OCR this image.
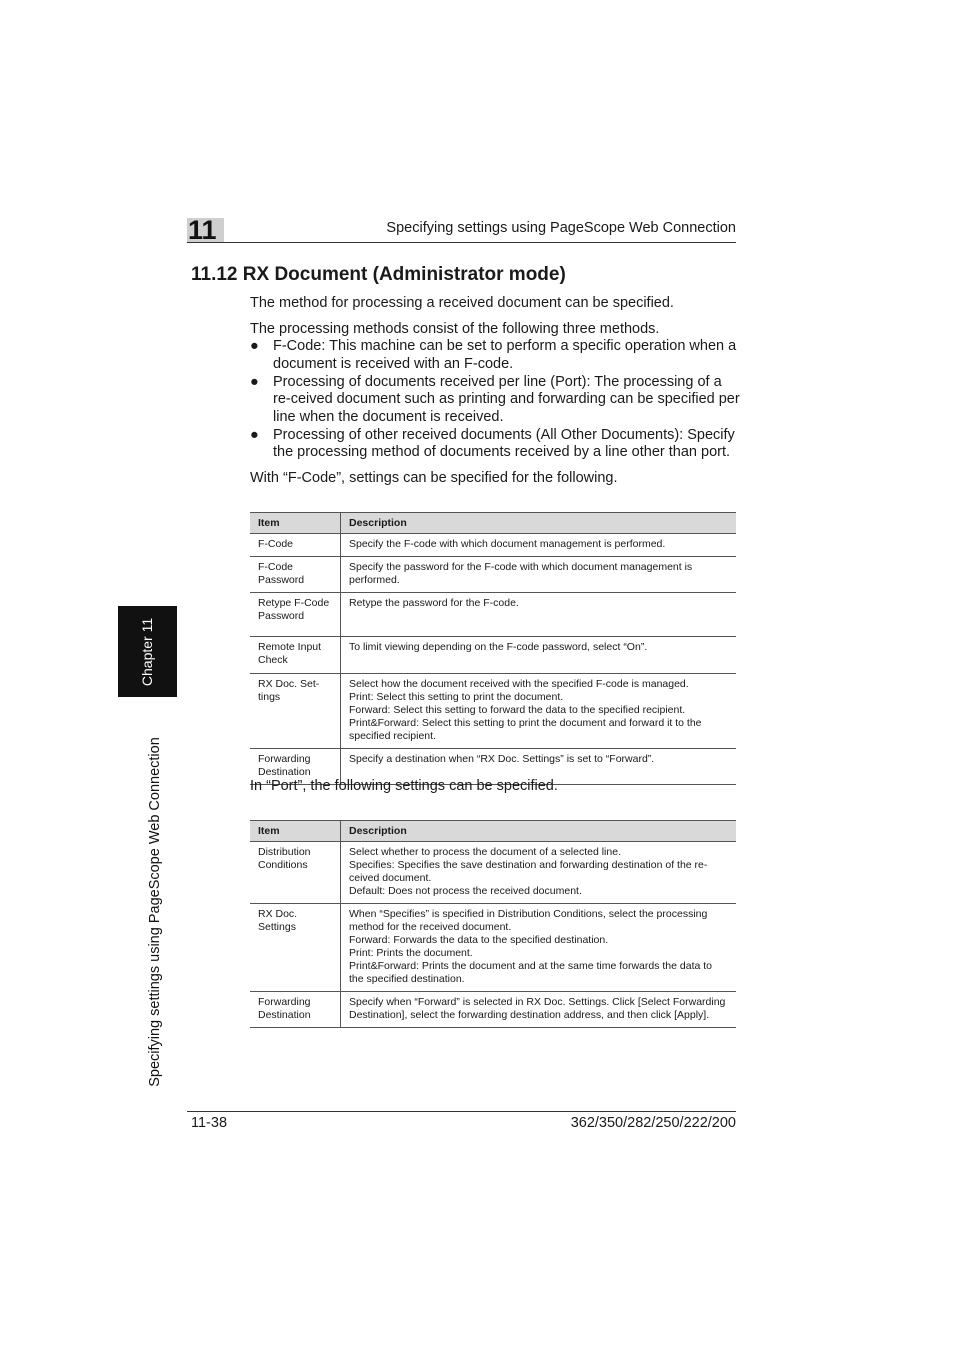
11	Specifying settings using PageScope Web Connection
Chapter 11
Specifying settings using PageScope Web Connection
11.12 RX Document (Administrator mode)
The method for processing a received document can be specified.
The processing methods consist of the following three methods.
● F-Code: This machine can be set to perform a specific operation when a document is received with an F-code.
● Processing of documents received per line (Port): The processing of a re-ceived document such as printing and forwarding can be specified per line when the document is received.
● Processing of other received documents (All Other Documents): Specify the processing method of documents received by a line other than port.
With “F-Code”, settings can be specified for the following.
Item	Description
F-Code	Specify the F-code with which document management is performed.

F-Code Password	Specify the password for the F-code with which document management is performed.

Retype F-Code Password	Retype the password for the F-code.

Remote Input Check	To limit viewing depending on the F-code password, select “On”.

RX Doc. Set-tings	Select how the document received with the specified F-code is managed.
Print: Select this setting to print the document.
Forward: Select this setting to forward the data to the specified recipient.
Print&Forward: Select this setting to print the document and forward it to the specified recipient.

Forwarding Destination	Specify a destination when “RX Doc. Settings” is set to “Forward”.
In “Port”, the following settings can be specified.
Item	Description
Distribution Conditions	Select whether to process the document of a selected line.
Specifies: Specifies the save destination and forwarding destination of the re-ceived document.
Default: Does not process the received document.

RX Doc. Settings	When “Specifies” is specified in Distribution Conditions, select the processing method for the received document.
Forward: Forwards the data to the specified destination.
Print: Prints the document.
Print&Forward: Prints the document and at the same time forwards the data to the specified destination.

Forwarding Destination	Specify when “Forward” is selected in RX Doc. Settings. Click [Select Forwarding Destination], select the forwarding destination address, and then click [Apply].
11-38	362/350/282/250/222/200
